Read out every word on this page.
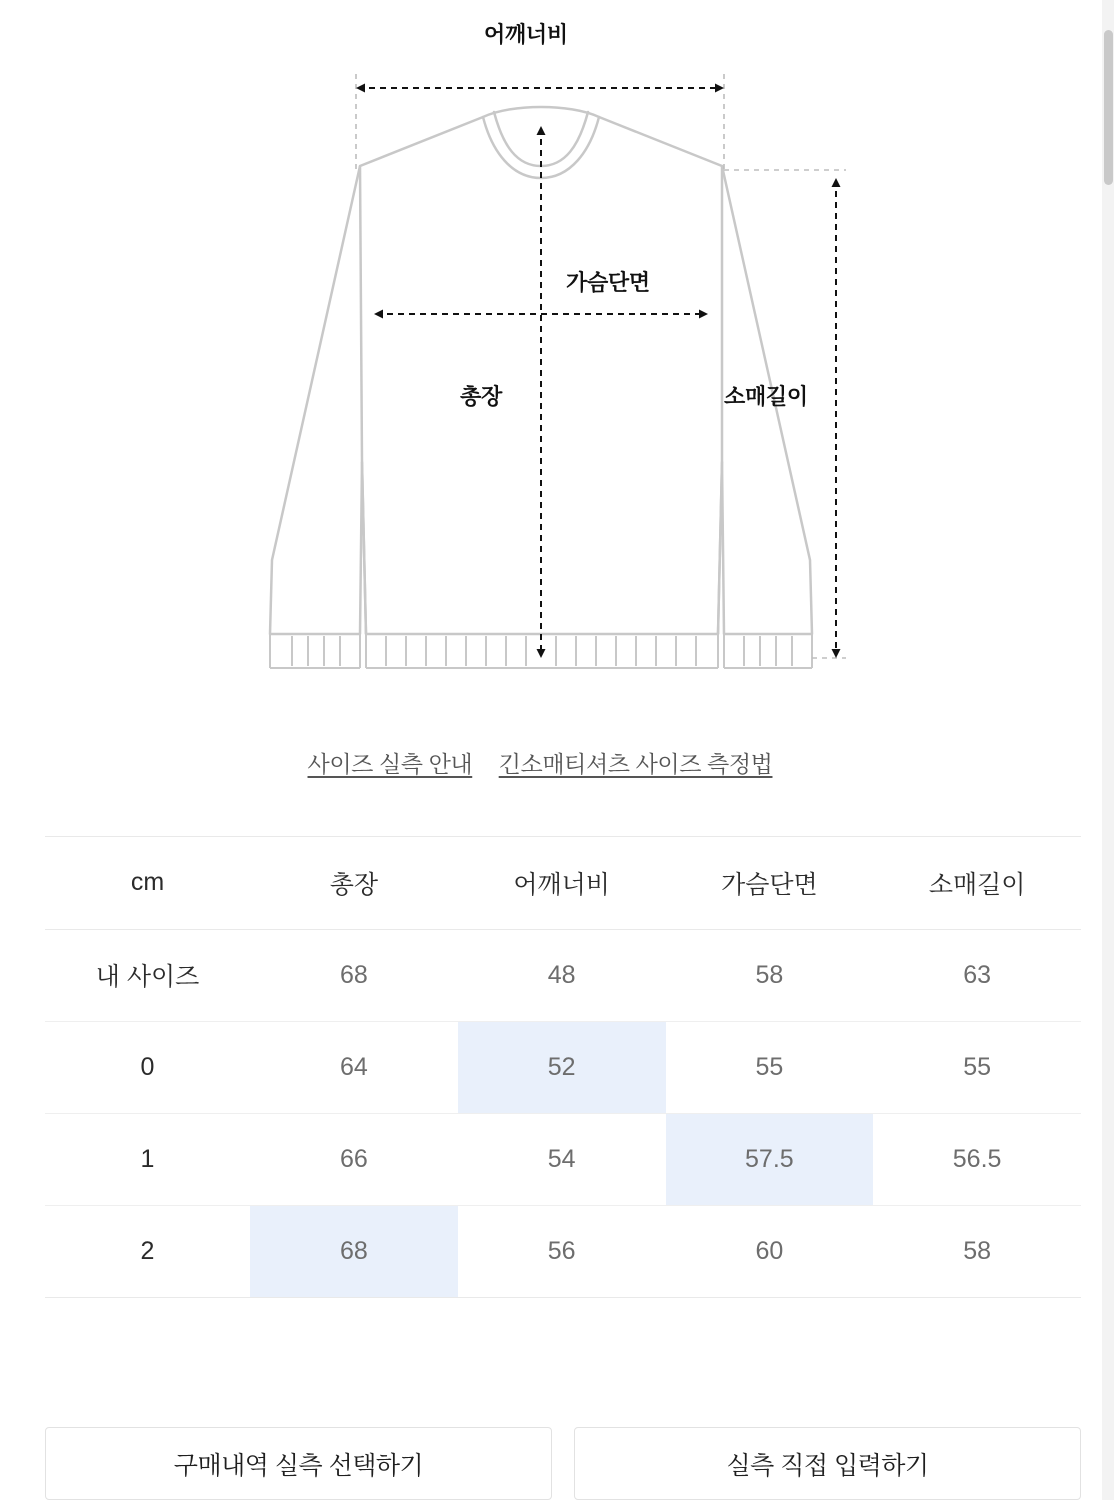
어깨너비
가슴단면
총장	소매길이
사이즈 실측 안내 긴소매티셔츠 사이즈 측정법
cm	총장	어깨너비	가슴단면	소매길이
내 사이즈	68	48	58	63
0	64	52	55	55
1	66	54	57.5	56.5
2	68	56	60	58
구매내역 실측 선택하기	실측 직접 입력하기
